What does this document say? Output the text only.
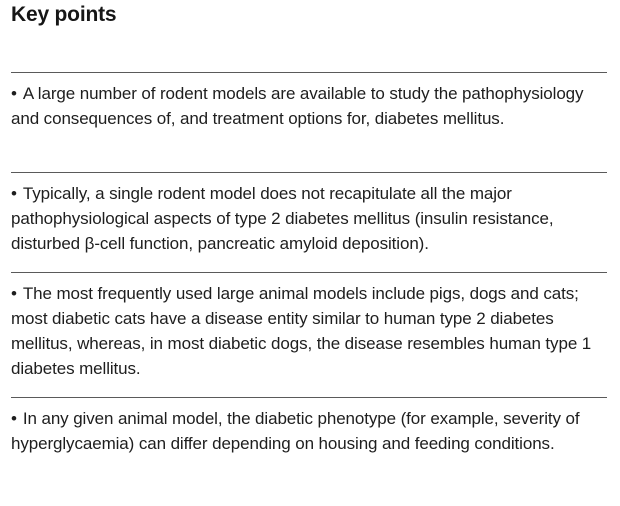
Key points

• A large number of rodent models are available to study the pathophysiology and consequences of, and treatment options for, diabetes mellitus.

• Typically, a single rodent model does not recapitulate all the major pathophysiological aspects of type 2 diabetes mellitus (insulin resistance, disturbed β-cell function, pancreatic amyloid deposition).

• The most frequently used large animal models include pigs, dogs and cats; most diabetic cats have a disease entity similar to human type 2 diabetes mellitus, whereas, in most diabetic dogs, the disease resembles human type 1 diabetes mellitus.

• In any given animal model, the diabetic phenotype (for example, severity of hyperglycaemia) can differ depending on housing and feeding conditions.
